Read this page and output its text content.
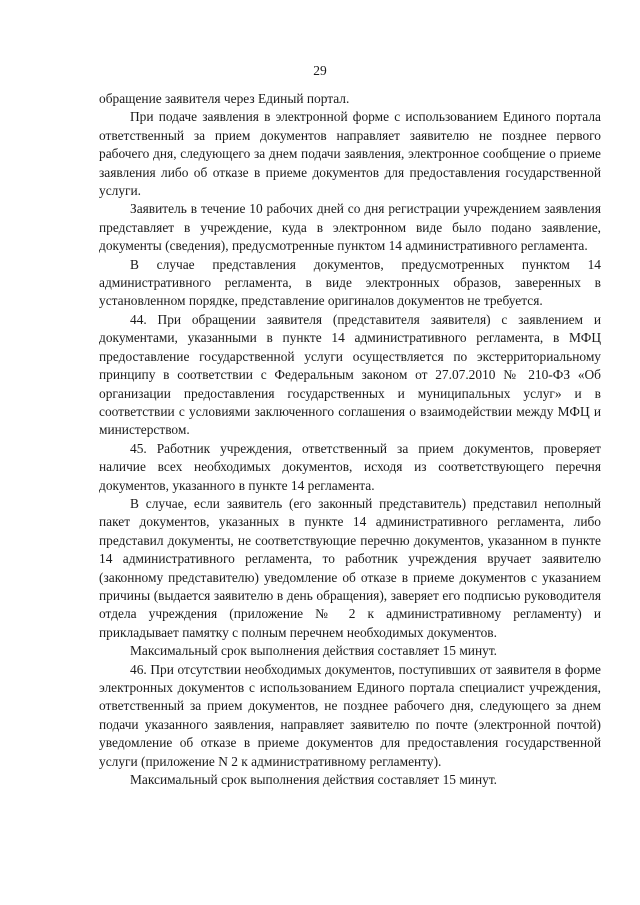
29

обращение заявителя через Единый портал.

При подаче заявления в электронной форме с использованием Единого портала ответственный за прием документов направляет заявителю не позднее первого рабочего дня, следующего за днем подачи заявления, электронное сообщение о приеме заявления либо об отказе в приеме документов для предоставления государственной услуги.

Заявитель в течение 10 рабочих дней со дня регистрации учреждением заявления представляет в учреждение, куда в электронном виде было подано заявление, документы (сведения), предусмотренные пунктом 14 административного регламента.

В случае представления документов, предусмотренных пунктом 14 административного регламента, в виде электронных образов, заверенных в установленном порядке, представление оригиналов документов не требуется.

44. При обращении заявителя (представителя заявителя) с заявлением и документами, указанными в пункте 14 административного регламента, в МФЦ предоставление государственной услуги осуществляется по экстерриториальному принципу в соответствии с Федеральным законом от 27.07.2010 № 210-ФЗ «Об организации предоставления государственных и муниципальных услуг» и в соответствии с условиями заключенного соглашения о взаимодействии между МФЦ и министерством.

45. Работник учреждения, ответственный за прием документов, проверяет наличие всех необходимых документов, исходя из соответствующего перечня документов, указанного в пункте 14 регламента.

В случае, если заявитель (его законный представитель) представил неполный пакет документов, указанных в пункте 14 административного регламента, либо представил документы, не соответствующие перечню документов, указанном в пункте 14 административного регламента, то работник учреждения вручает заявителю (законному представителю) уведомление об отказе в приеме документов с указанием причины (выдается заявителю в день обращения), заверяет его подписью руководителя отдела учреждения (приложение № 2 к административному регламенту) и прикладывает памятку с полным перечнем необходимых документов.

Максимальный срок выполнения действия составляет 15 минут.

46. При отсутствии необходимых документов, поступивших от заявителя в форме электронных документов с использованием Единого портала специалист учреждения, ответственный за прием документов, не позднее рабочего дня, следующего за днем подачи указанного заявления, направляет заявителю по почте (электронной почтой) уведомление об отказе в приеме документов для предоставления государственной услуги (приложение N 2 к административному регламенту).

Максимальный срок выполнения действия составляет 15 минут.
